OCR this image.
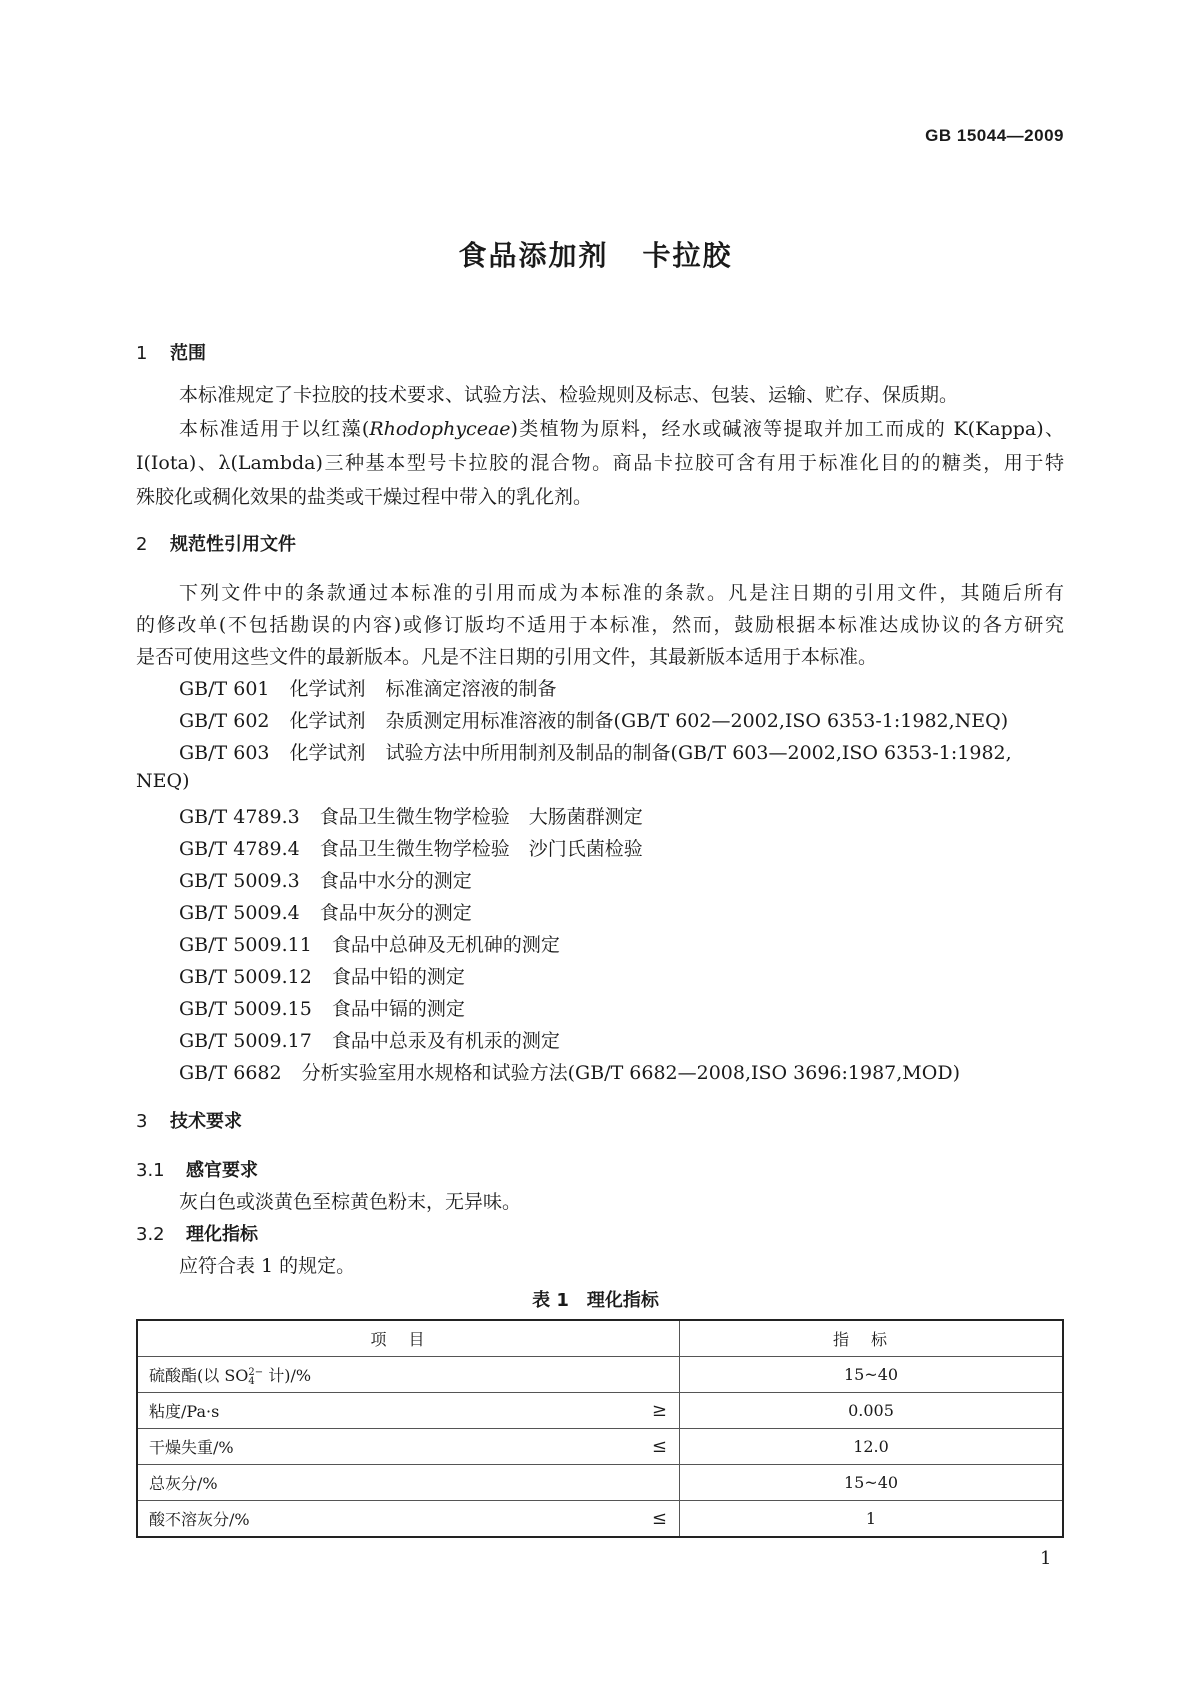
GB 15044—2009
食品添加剂 卡拉胶
1 范围
本标准规定了卡拉胶的技术要求、试验方法、检验规则及标志、包装、运输、贮存、保质期。
本标准适用于以红藻(Rhodophyceae)类植物为原料，经水或碱液等提取并加工而成的 K(Kappa)、
I(Iota)、λ(Lambda)三种基本型号卡拉胶的混合物。商品卡拉胶可含有用于标准化目的的糖类，用于特
殊胶化或稠化效果的盐类或干燥过程中带入的乳化剂。
2 规范性引用文件
下列文件中的条款通过本标准的引用而成为本标准的条款。凡是注日期的引用文件，其随后所有
的修改单(不包括勘误的内容)或修订版均不适用于本标准，然而，鼓励根据本标准达成协议的各方研究
是否可使用这些文件的最新版本。凡是不注日期的引用文件，其最新版本适用于本标准。
GB/T 601 化学试剂 标准滴定溶液的制备
GB/T 602 化学试剂 杂质测定用标准溶液的制备(GB/T 602—2002,ISO 6353-1:1982,NEQ)
GB/T 603 化学试剂 试验方法中所用制剂及制品的制备(GB/T 603—2002,ISO 6353-1:1982,
NEQ)
GB/T 4789.3 食品卫生微生物学检验　大肠菌群测定
GB/T 4789.4 食品卫生微生物学检验　沙门氏菌检验
GB/T 5009.3 食品中水分的测定
GB/T 5009.4 食品中灰分的测定
GB/T 5009.11 食品中总砷及无机砷的测定
GB/T 5009.12 食品中铅的测定
GB/T 5009.15 食品中镉的测定
GB/T 5009.17 食品中总汞及有机汞的测定
GB/T 6682 分析实验室用水规格和试验方法(GB/T 6682—2008,ISO 3696:1987,MOD)
3 技术要求
3.1 感官要求
灰白色或淡黄色至棕黄色粉末，无异味。
3.2 理化指标
应符合表 1 的规定。
表 1 理化指标
项目	指标
硫酸酯(以 SO 2−
4 计)/%	15~40
粘度/Pa·s ≥	0.005
干燥失重/% ≤	12.0
总灰分/%	15~40
酸不溶灰分/% ≤	1
1
